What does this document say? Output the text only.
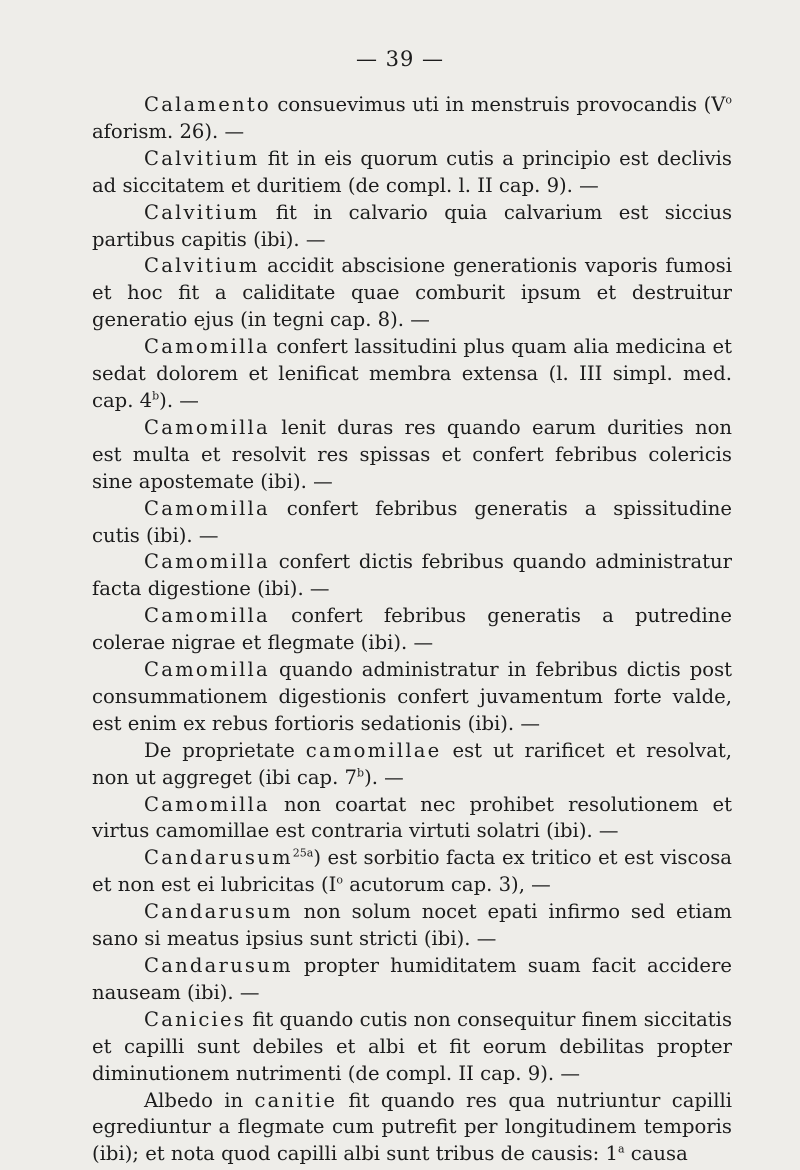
— 39 —

Calamento consuevimus uti in menstruis provocandis ($V^o$ aforism. 26). —

Calvitium fit in eis quorum cutis a principio est declivis ad siccitatem et duritiem (de compl. l. II cap. 9). —

Calvitium fit in calvario quia calvarium est siccius partibus capitis (ibi). —

Calvitium accidit abscisione generationis vaporis fumosi et hoc fit a caliditate quae comburit ipsum et destruitur generatio ejus (in tegni cap. 8). —

Camomilla confert lassitudini plus quam alia medicina et sedat dolorem et lenificat membra extensa (l. III simpl. med. cap. 4$^b$). —

Camomilla lenit duras res quando earum durities non est multa et resolvit res spissas et confert febribus colericis sine apostemate (ibi). —

Camomilla confert febribus generatis a spissitudine cutis (ibi). —

Camomilla confert dictis febribus quando administratur facta digestione (ibi). —

Camomilla confert febribus generatis a putredine colerae nigrae et flegmate (ibi). —

Camomilla quando administratur in febribus dictis post consummationem digestionis confert juvamentum forte valde, est enim ex rebus fortioris sedationis (ibi). —

De proprietate camomillae est ut rarificet et resolvat, non ut aggreget (ibi cap. 7$^b$). —

Camomilla non coartat nec prohibet resolutionem et virtus camomillae est contraria virtuti solatri (ibi). —

Candarusum$^{25a}$) est sorbitio facta ex tritico et est viscosa et non est ei lubricitas ($I^o$ acutorum cap. 3), —

Candarusum non solum nocet epati infirmo sed etiam sano si meatus ipsius sunt stricti (ibi). —

Candarusum propter humiditatem suam facit accidere nauseam (ibi). —

Canicies fit quando cutis non consequitur finem siccitatis et capilli sunt debiles et albi et fit eorum debilitas propter diminutionem nutrimenti (de compl. II cap. 9). —

Albedo in canitie fit quando res qua nutriuntur capilli egrediuntur a flegmate cum putrefit per longitudinem temporis (ibi); et nota quod capilli albi sunt tribus de causis: 1$^a$ causa
